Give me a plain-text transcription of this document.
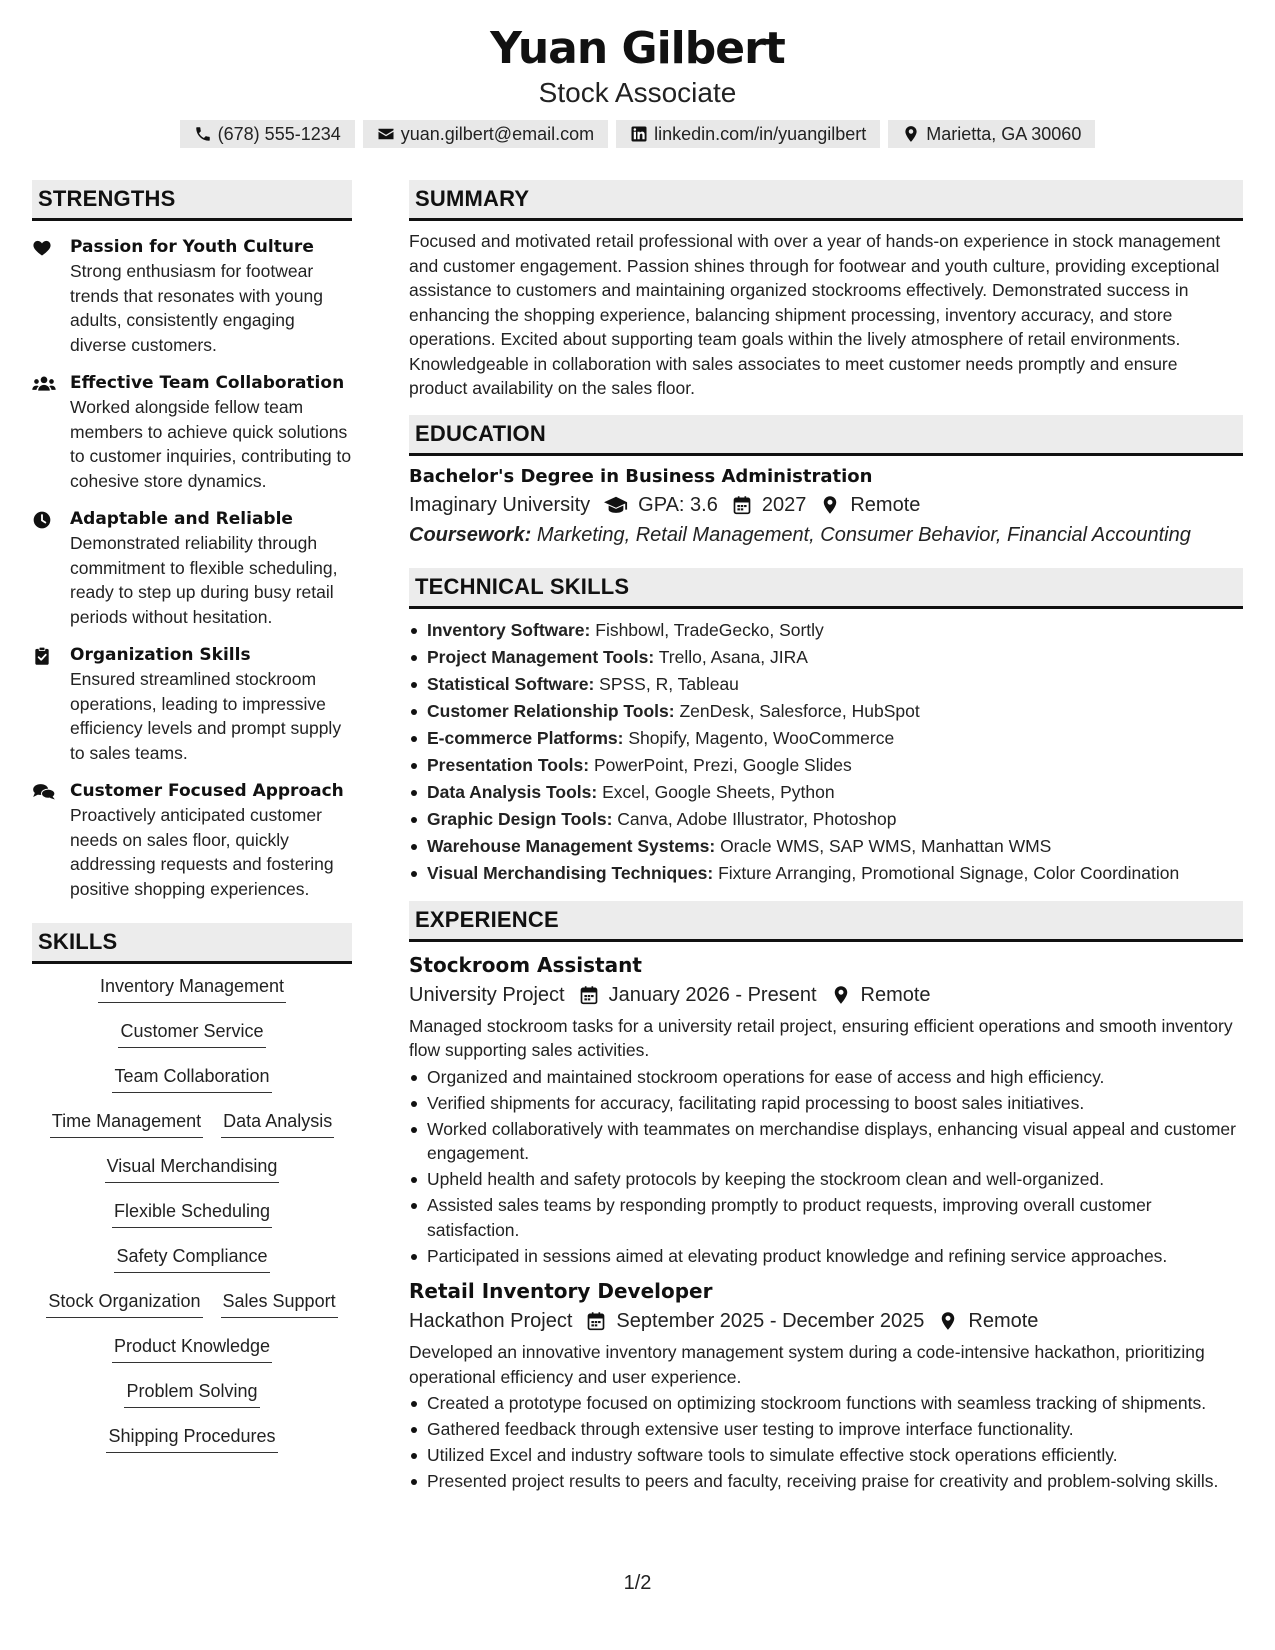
Yuan Gilbert
Stock Associate
(678) 555-1234	yuan.gilbert@email.com	linkedin.com/in/yuangilbert	Marietta, GA 30060
STRENGTHS
Passion for Youth Culture
Strong enthusiasm for footwear trends that resonates with young adults, consistently engaging diverse customers.
Effective Team Collaboration
Worked alongside fellow team members to achieve quick solutions to customer inquiries, contributing to cohesive store dynamics.
Adaptable and Reliable
Demonstrated reliability through commitment to flexible scheduling, ready to step up during busy retail periods without hesitation.
Organization Skills
Ensured streamlined stockroom operations, leading to impressive efficiency levels and prompt supply to sales teams.
Customer Focused Approach
Proactively anticipated customer needs on sales floor, quickly addressing requests and fostering positive shopping experiences.
SKILLS
Inventory Management
Customer Service
Team Collaboration
Time Management Data Analysis
Visual Merchandising
Flexible Scheduling
Safety Compliance
Stock Organization Sales Support
Product Knowledge
Problem Solving
Shipping Procedures
SUMMARY
Focused and motivated retail professional with over a year of hands-on experience in stock management and customer engagement. Passion shines through for footwear and youth culture, providing exceptional assistance to customers and maintaining organized stockrooms effectively. Demonstrated success in enhancing the shopping experience, balancing shipment processing, inventory accuracy, and store operations. Excited about supporting team goals within the lively atmosphere of retail environments. Knowledgeable in collaboration with sales associates to meet customer needs promptly and ensure product availability on the sales floor.
EDUCATION
Bachelor's Degree in Business Administration
Imaginary University GPA: 3.6 2027 Remote
Coursework: Marketing, Retail Management, Consumer Behavior, Financial Accounting
TECHNICAL SKILLS
Inventory Software: Fishbowl, TradeGecko, Sortly
Project Management Tools: Trello, Asana, JIRA
Statistical Software: SPSS, R, Tableau
Customer Relationship Tools: ZenDesk, Salesforce, HubSpot
E-commerce Platforms: Shopify, Magento, WooCommerce
Presentation Tools: PowerPoint, Prezi, Google Slides
Data Analysis Tools: Excel, Google Sheets, Python
Graphic Design Tools: Canva, Adobe Illustrator, Photoshop
Warehouse Management Systems: Oracle WMS, SAP WMS, Manhattan WMS
Visual Merchandising Techniques: Fixture Arranging, Promotional Signage, Color Coordination
EXPERIENCE
Stockroom Assistant
University Project January 2026 - Present Remote
Managed stockroom tasks for a university retail project, ensuring efficient operations and smooth inventory flow supporting sales activities.
Organized and maintained stockroom operations for ease of access and high efficiency.
Verified shipments for accuracy, facilitating rapid processing to boost sales initiatives.
Worked collaboratively with teammates on merchandise displays, enhancing visual appeal and customer engagement.
Upheld health and safety protocols by keeping the stockroom clean and well-organized.
Assisted sales teams by responding promptly to product requests, improving overall customer satisfaction.
Participated in sessions aimed at elevating product knowledge and refining service approaches.
Retail Inventory Developer
Hackathon Project September 2025 - December 2025 Remote
Developed an innovative inventory management system during a code-intensive hackathon, prioritizing operational efficiency and user experience.
Created a prototype focused on optimizing stockroom functions with seamless tracking of shipments.
Gathered feedback through extensive user testing to improve interface functionality.
Utilized Excel and industry software tools to simulate effective stock operations efficiently.
Presented project results to peers and faculty, receiving praise for creativity and problem-solving skills.
1/2
